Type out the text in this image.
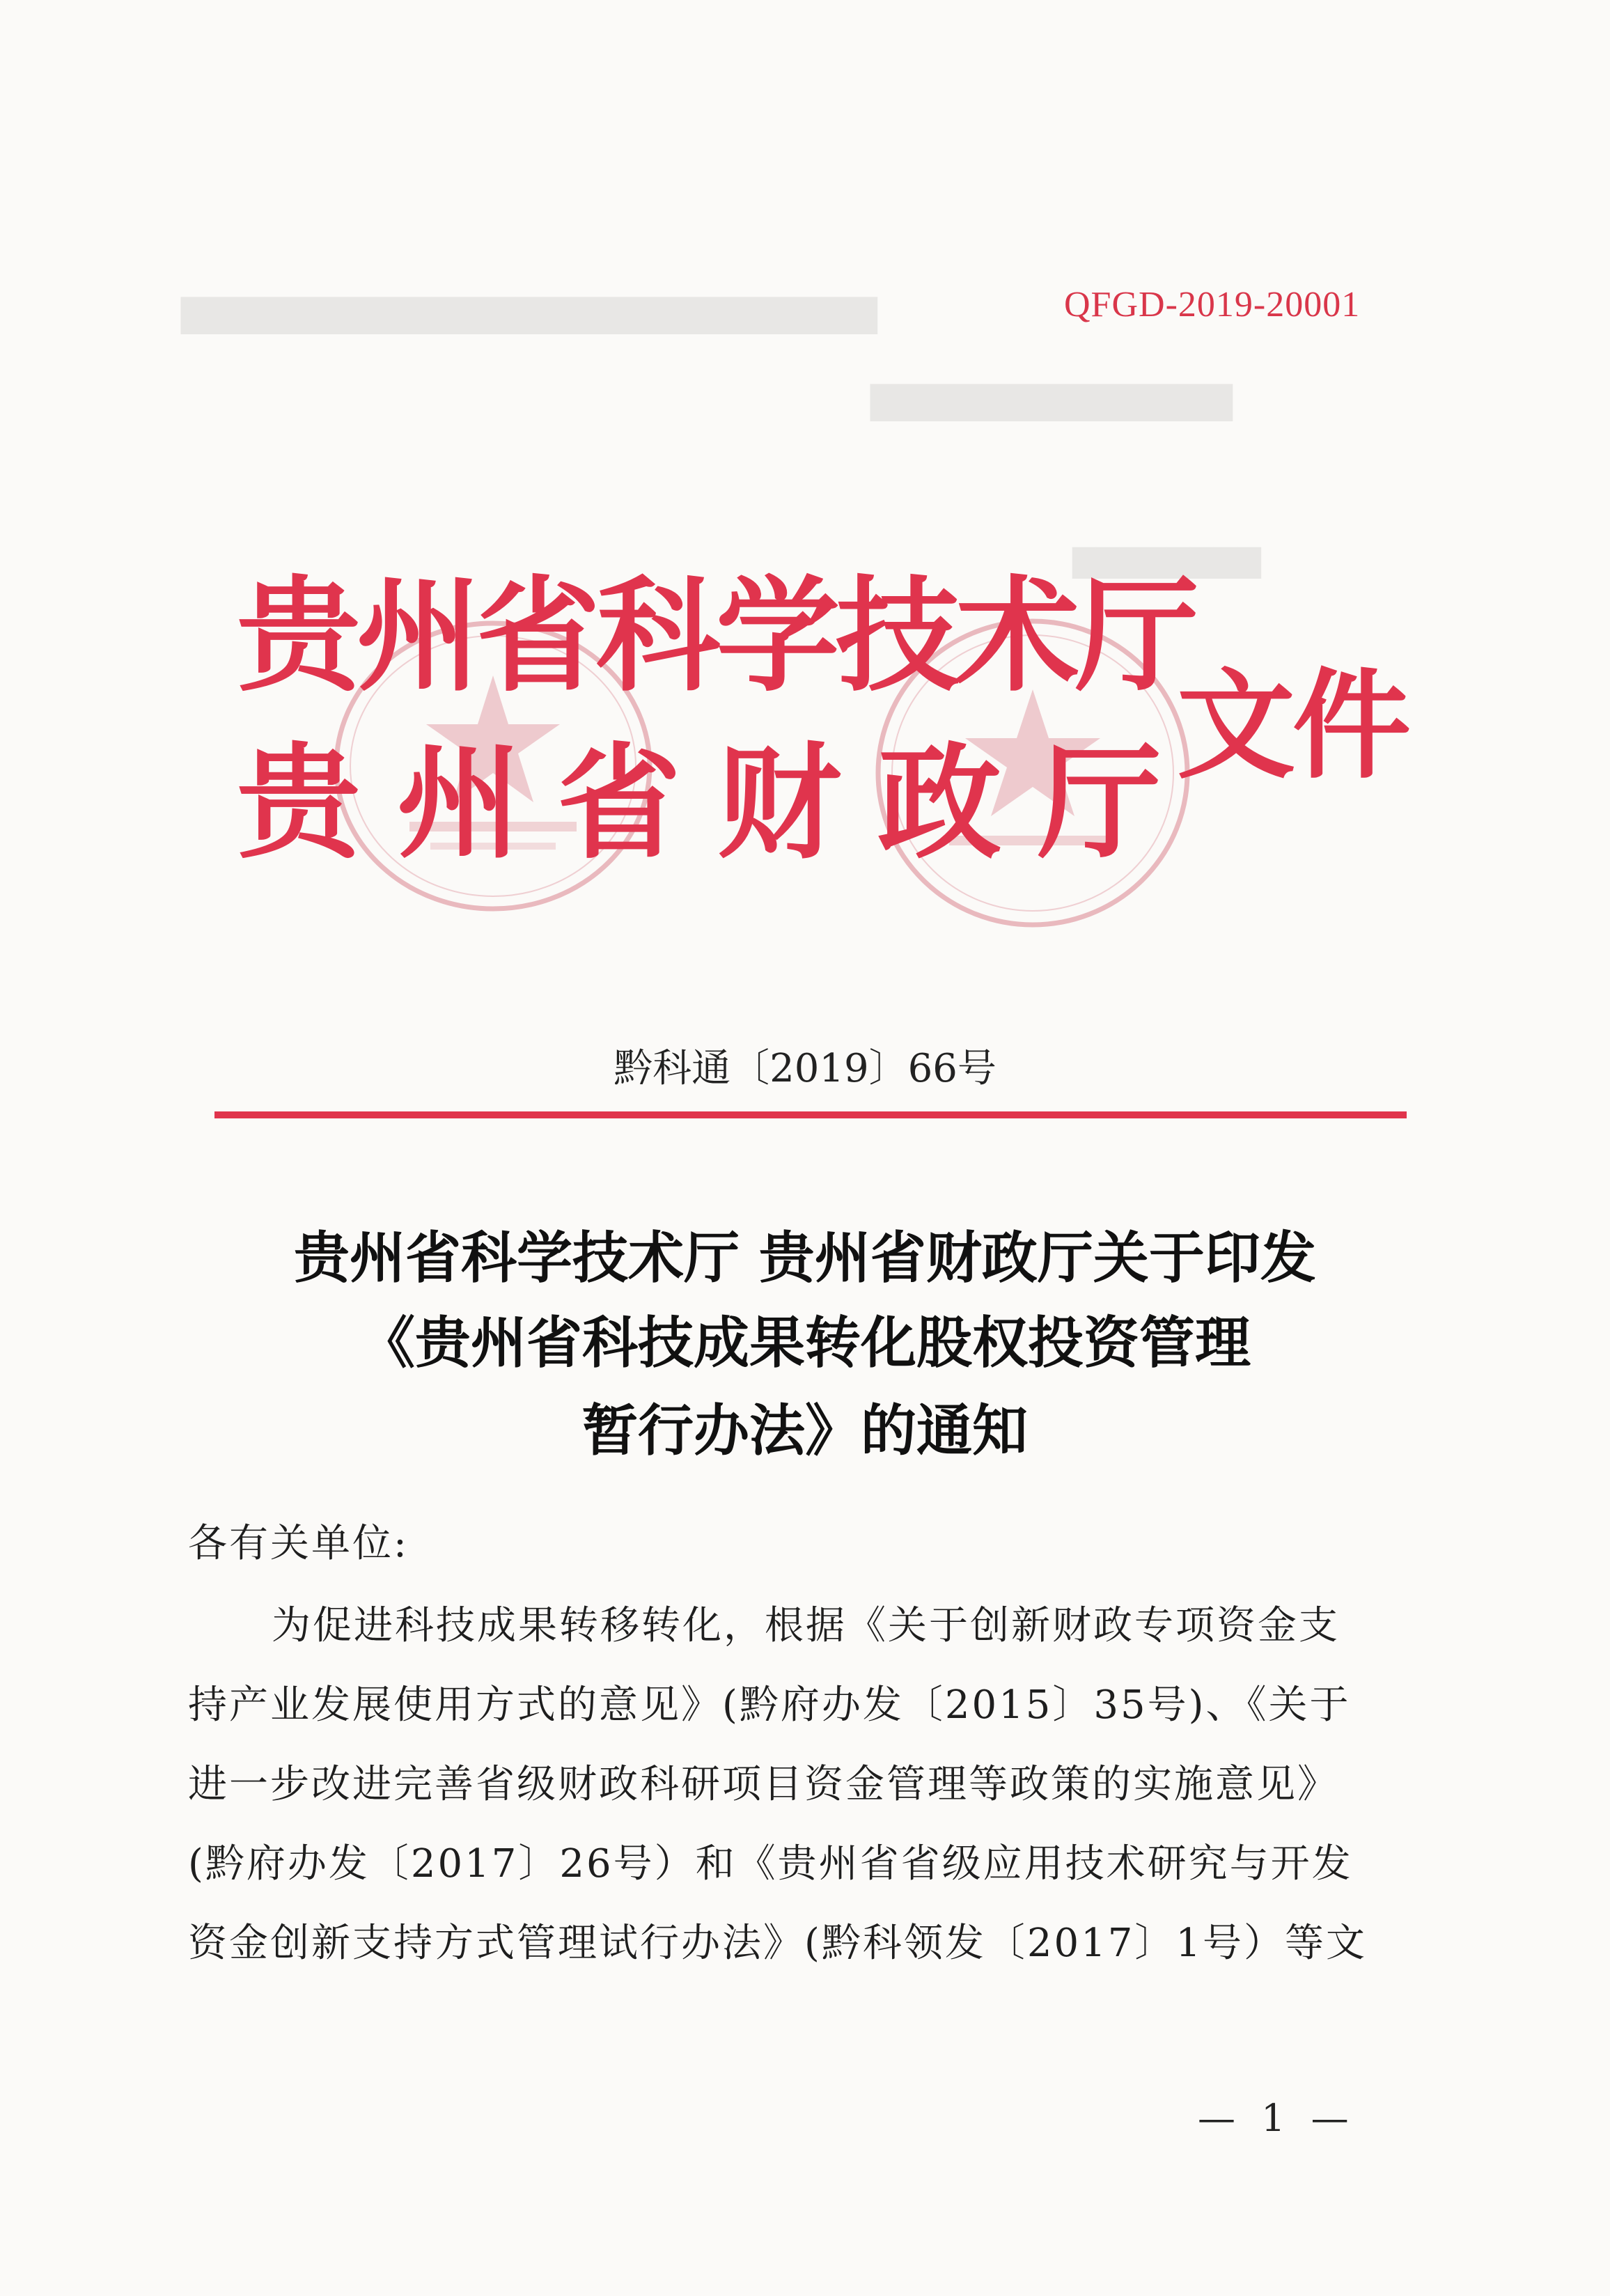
▇▇▇▇▇▇▇▇▇▇▇▇▇▇▇▇▇▇▇▇▇▇▇▇▇
▇▇▇▇▇▇▇▇▇▇▇▇▇
▇▇▇▇▇▇▇▇
QFGD-2019-20001
贵州省科学技术厅
贵州省财政厅
文件
黔科通〔2019〕66号
贵州省科学技术厅 贵州省财政厅关于印发
《贵州省科技成果转化股权投资管理
暂行办法》的通知
各有关单位:
为促进科技成果转移转化，根据《关于创新财政专项资金支
持产业发展使用方式的意见》(黔府办发〔2015〕35号)、《关于
进一步改进完善省级财政科研项目资金管理等政策的实施意见》
(黔府办发〔2017〕26号）和《贵州省省级应用技术研究与开发
资金创新支持方式管理试行办法》(黔科领发〔2017〕1号）等文
— 1 —
